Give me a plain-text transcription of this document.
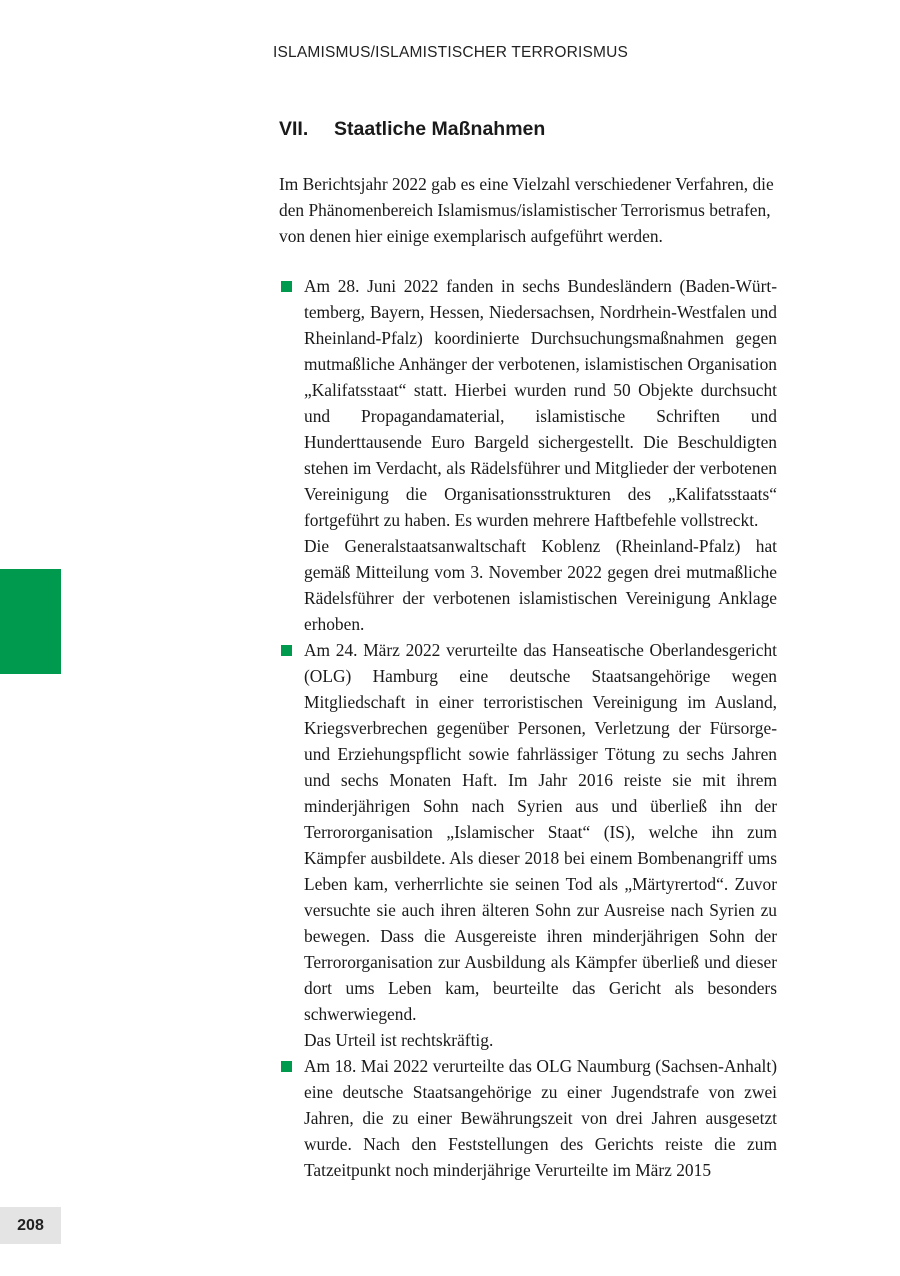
ISLAMISMUS/ISLAMISTISCHER TERRORISMUS
VII. Staatliche Maßnahmen

Im Berichtsjahr 2022 gab es eine Vielzahl verschiedener Verfahren, die den Phänomenbereich Islamismus/islamistischer Terrorismus betrafen, von denen hier einige exemplarisch aufgeführt werden.

Am 28. Juni 2022 fanden in sechs Bundesländern (Baden-Württemberg, Bayern, Hessen, Niedersachsen, Nordrhein-Westfalen und Rheinland-Pfalz) koordinierte Durchsuchungsmaßnahmen gegen mutmaßliche Anhänger der verbotenen, islamistischen Organisation „Kalifatsstaat“ statt. Hierbei wurden rund 50 Objekte durchsucht und Propagandamaterial, islamistische Schriften und Hunderttausende Euro Bargeld sichergestellt. Die Beschuldigten stehen im Verdacht, als Rädelsführer und Mitglieder der verbotenen Vereinigung die Organisationsstrukturen des „Kalifatsstaats“ fortgeführt zu haben. Es wurden mehrere Haftbefehle vollstreckt.

Die Generalstaatsanwaltschaft Koblenz (Rheinland-Pfalz) hat gemäß Mitteilung vom 3. November 2022 gegen drei mutmaßliche Rädelsführer der verbotenen islamistischen Vereinigung Anklage erhoben.

Am 24. März 2022 verurteilte das Hanseatische Oberlandesgericht (OLG) Hamburg eine deutsche Staatsangehörige wegen Mitgliedschaft in einer terroristischen Vereinigung im Ausland, Kriegsverbrechen gegenüber Personen, Verletzung der Fürsorge- und Erziehungspflicht sowie fahrlässiger Tötung zu sechs Jahren und sechs Monaten Haft. Im Jahr 2016 reiste sie mit ihrem minderjährigen Sohn nach Syrien aus und überließ ihn der Terrororganisation „Islamischer Staat“ (IS), welche ihn zum Kämpfer ausbildete. Als dieser 2018 bei einem Bombenangriff ums Leben kam, verherrlichte sie seinen Tod als „Märtyrertod“. Zuvor versuchte sie auch ihren älteren Sohn zur Ausreise nach Syrien zu bewegen. Dass die Ausgereiste ihren minderjährigen Sohn der Terrororganisation zur Ausbildung als Kämpfer überließ und dieser dort ums Leben kam, beurteilte das Gericht als besonders schwerwiegend.

Das Urteil ist rechtskräftig.

Am 18. Mai 2022 verurteilte das OLG Naumburg (Sachsen-Anhalt) eine deutsche Staatsangehörige zu einer Jugendstrafe von zwei Jahren, die zu einer Bewährungszeit von drei Jahren ausgesetzt wurde. Nach den Feststellungen des Gerichts reiste die zum Tatzeitpunkt noch minderjährige Verurteilte im März 2015

208
